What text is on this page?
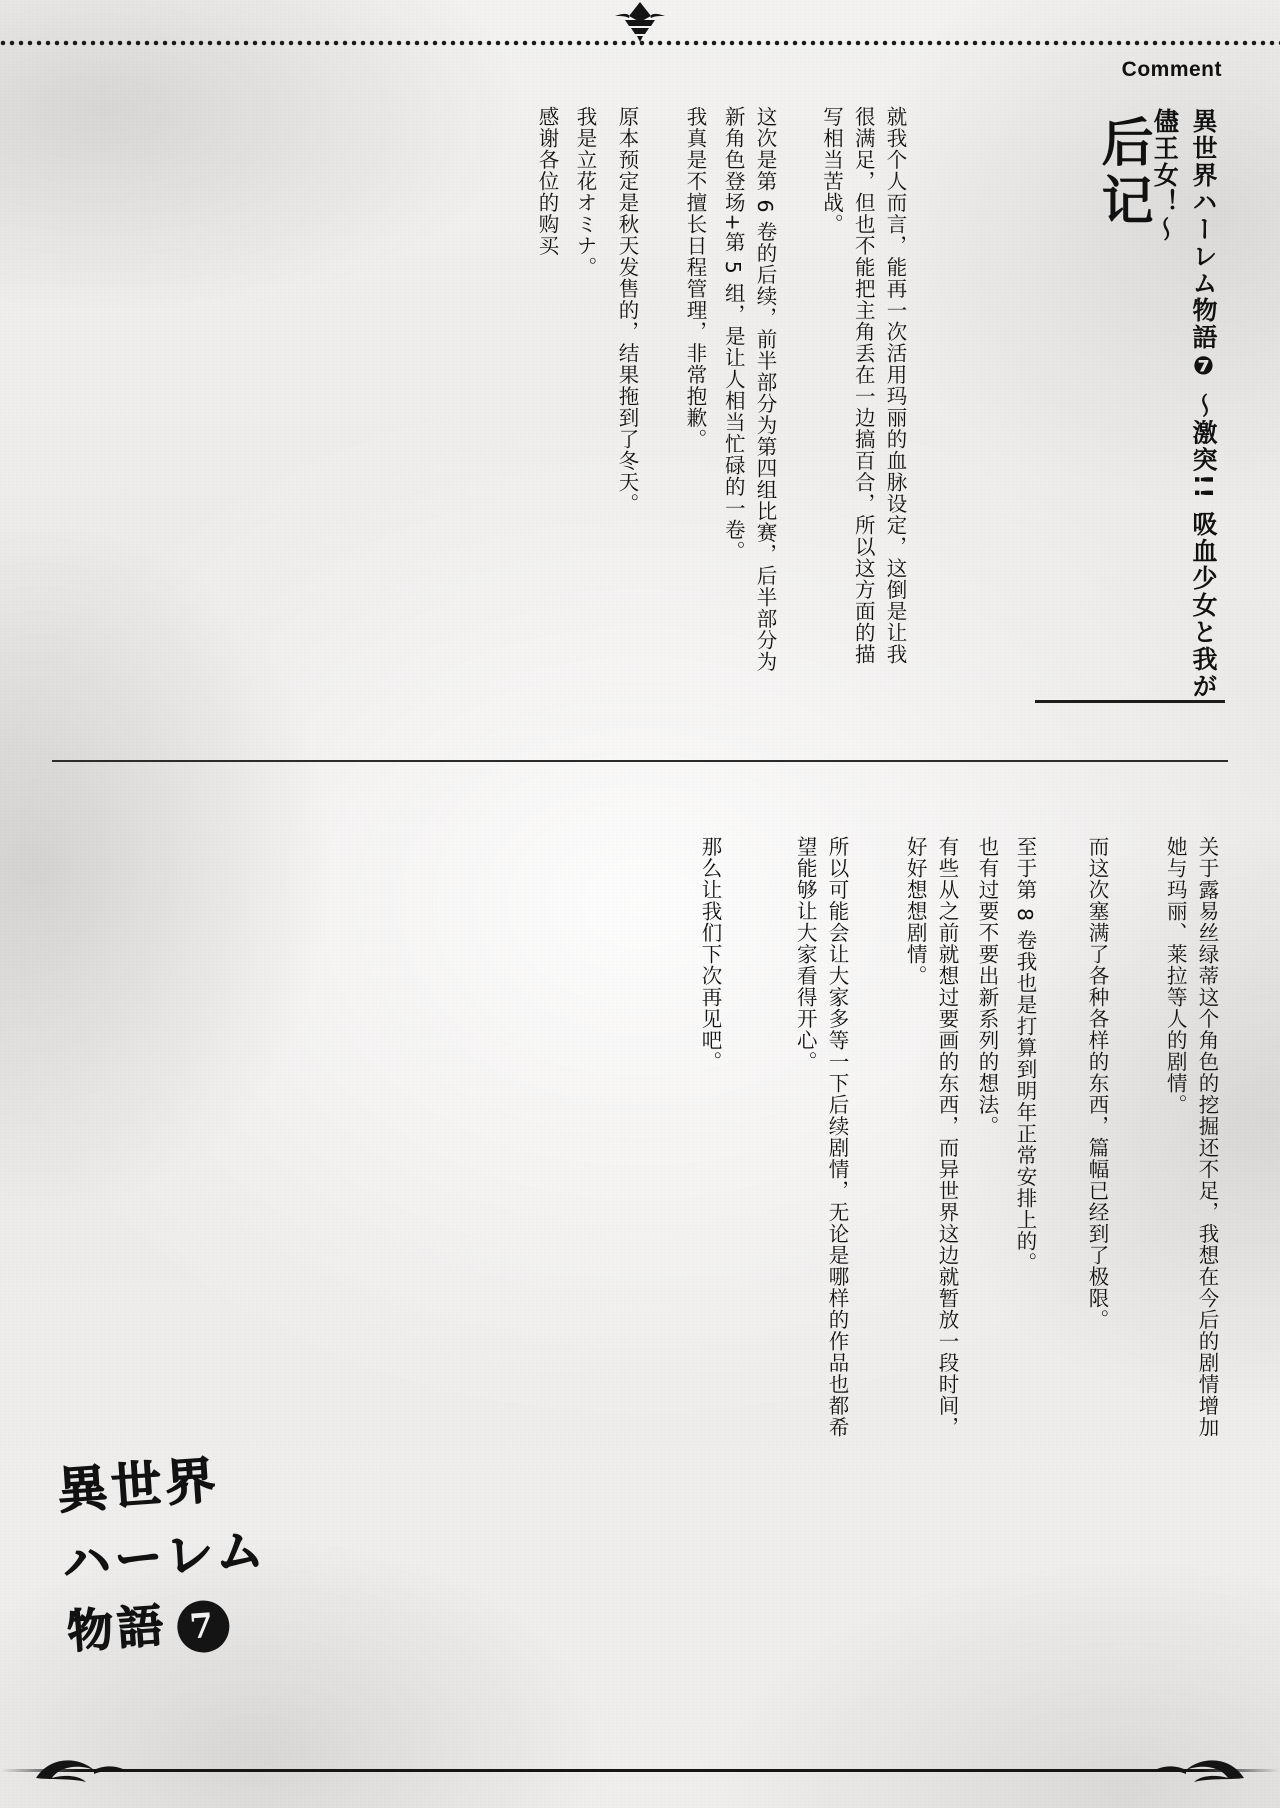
Comment
后记	異世界ハーレム物語❼ ～激突!! 吸血少女と我が儘王女！～
感谢各位的购买 我是立花オミナ。 原本预定是秋天发售的，结果拖到了冬天。 我真是不擅长日程管理，非常抱歉。	这次是第 6 卷的后续，前半部分为第四组比赛，后半部分为新角色登场+第 5 组，是让人相当忙碌的一卷。	就我个人而言，能再一次活用玛丽的血脉设定，这倒是让我很满足，但也不能把主角丢在一边搞百合，所以这方面的描写相当苦战。
关于露易丝绿蒂这个角色的挖掘还不足，我想在今后的剧情增加她与玛丽、莱拉等人的剧情。
而这次塞满了各种各样的东西，篇幅已经到了极限。
至于第 8 卷我也是打算到明年正常安排上的。
也有过要不要出新系列的想法。
有些从之前就想过要画的东西，而异世界这边就暂放一段时间，好好想想剧情。
所以可能会让大家多等一下后续剧情，无论是哪样的作品也都希望能够让大家看得开心。
那么让我们下次再见吧。
異世界
ハーレム
物語 7
